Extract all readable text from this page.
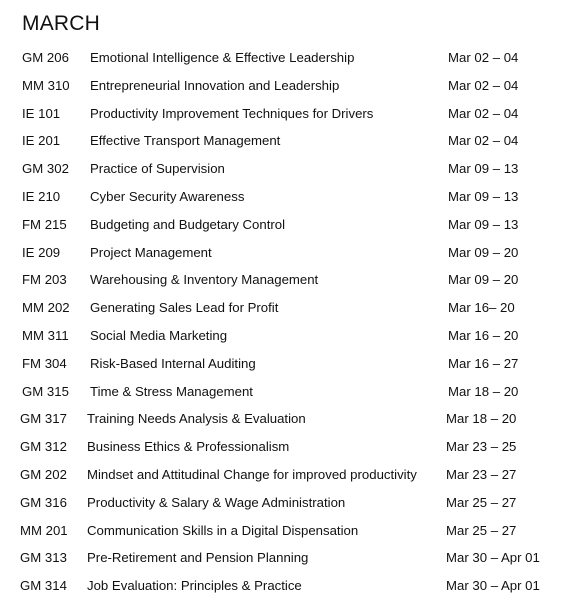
MARCH
GM 206 Emotional Intelligence & Effective Leadership	Mar 02 – 04
MM 310 Entrepreneurial Innovation and Leadership	Mar 02 – 04
IE 101 Productivity Improvement Techniques for Drivers	Mar 02 – 04
IE 201 Effective Transport Management	Mar 02 – 04
GM 302 Practice of Supervision	Mar 09 – 13
IE 210 Cyber Security Awareness	Mar 09 – 13
FM 215 Budgeting and Budgetary Control	Mar 09 – 13
IE 209 Project Management	Mar 09 – 20
FM 203 Warehousing & Inventory Management	Mar 09 – 20
MM 202 Generating Sales Lead for Profit	Mar 16– 20
MM 311 Social Media Marketing	Mar 16 – 20
FM 304 Risk-Based Internal Auditing	Mar 16 – 27
GM 315 Time & Stress Management	Mar 18 – 20
GM 317 Training Needs Analysis & Evaluation	Mar 18 – 20
GM 312 Business Ethics & Professionalism	Mar 23 – 25
GM 202 Mindset and Attitudinal Change for improved productivity Mar 23 – 27
GM 316 Productivity & Salary & Wage Administration	Mar 25 – 27
MM 201 Communication Skills in a Digital Dispensation	Mar 25 – 27
GM 313 Pre-Retirement and Pension Planning	Mar 30 – Apr 01
GM 314 Job Evaluation: Principles & Practice	Mar 30 – Apr 01
